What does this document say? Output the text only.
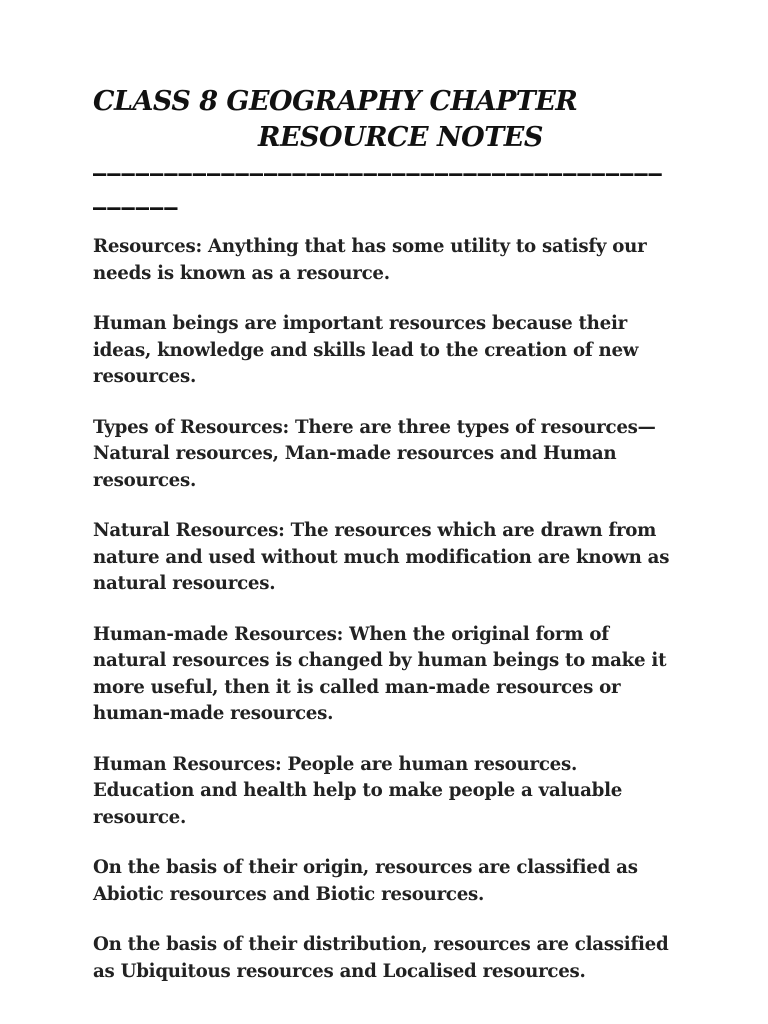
CLASS 8 GEOGRAPHY CHAPTER
RESOURCE NOTES
—–––––––––––––––––––––––––––––––––––––––––––––

Resources: Anything that has some utility to satisfy our needs is known as a resource.

Human beings are important resources because their ideas, knowledge and skills lead to the creation of new resources.

Types of Resources: There are three types of resources—Natural resources, Man-made resources and Human resources.

Natural Resources: The resources which are drawn from nature and used without much modification are known as natural resources.

Human-made Resources: When the original form of natural resources is changed by human beings to make it more useful, then it is called man-made resources or human-made resources.

Human Resources: People are human resources. Education and health help to make people a valuable resource.

On the basis of their origin, resources are classified as Abiotic resources and Biotic resources.

On the basis of their distribution, resources are classified as Ubiquitous resources and Localised resources.
